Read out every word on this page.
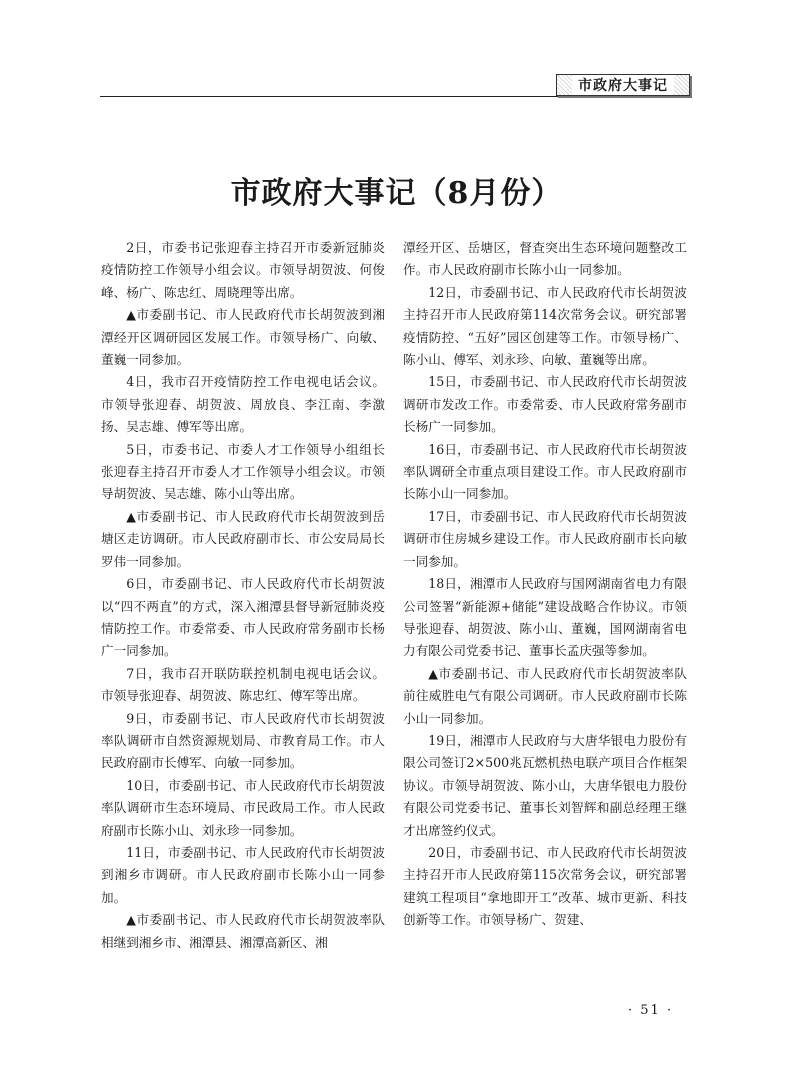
市政府大事记
市政府大事记（8月份）

2日，市委书记张迎春主持召开市委新冠肺炎疫情防控工作领导小组会议。市领导胡贺波、何俊峰、杨广、陈忠红、周晓理等出席。

▲市委副书记、市人民政府代市长胡贺波到湘潭经开区调研园区发展工作。市领导杨广、向敏、董巍一同参加。

4日，我市召开疫情防控工作电视电话会议。市领导张迎春、胡贺波、周放良、李江南、李激扬、吴志雄、傅军等出席。

5日，市委书记、市委人才工作领导小组组长张迎春主持召开市委人才工作领导小组会议。市领导胡贺波、吴志雄、陈小山等出席。

▲市委副书记、市人民政府代市长胡贺波到岳塘区走访调研。市人民政府副市长、市公安局局长罗伟一同参加。

6日，市委副书记、市人民政府代市长胡贺波以“四不两直”的方式，深入湘潭县督导新冠肺炎疫情防控工作。市委常委、市人民政府常务副市长杨广一同参加。

7日，我市召开联防联控机制电视电话会议。市领导张迎春、胡贺波、陈忠红、傅军等出席。

9日，市委副书记、市人民政府代市长胡贺波率队调研市自然资源规划局、市教育局工作。市人民政府副市长傅军、向敏一同参加。

10日，市委副书记、市人民政府代市长胡贺波率队调研市生态环境局、市民政局工作。市人民政府副市长陈小山、刘永珍一同参加。

11日，市委副书记、市人民政府代市长胡贺波到湘乡市调研。市人民政府副市长陈小山一同参加。

▲市委副书记、市人民政府代市长胡贺波率队相继到湘乡市、湘潭县、湘潭高新区、湘

潭经开区、岳塘区，督查突出生态环境问题整改工作。市人民政府副市长陈小山一同参加。

12日，市委副书记、市人民政府代市长胡贺波主持召开市人民政府第114次常务会议。研究部署疫情防控、“五好”园区创建等工作。市领导杨广、陈小山、傅军、刘永珍、向敏、董巍等出席。

15日，市委副书记、市人民政府代市长胡贺波调研市发改工作。市委常委、市人民政府常务副市长杨广一同参加。

16日，市委副书记、市人民政府代市长胡贺波率队调研全市重点项目建设工作。市人民政府副市长陈小山一同参加。

17日，市委副书记、市人民政府代市长胡贺波调研市住房城乡建设工作。市人民政府副市长向敏一同参加。

18日，湘潭市人民政府与国网湖南省电力有限公司签署“新能源+储能”建设战略合作协议。市领导张迎春、胡贺波、陈小山、董巍，国网湖南省电力有限公司党委书记、董事长孟庆强等参加。

▲市委副书记、市人民政府代市长胡贺波率队前往威胜电气有限公司调研。市人民政府副市长陈小山一同参加。

19日，湘潭市人民政府与大唐华银电力股份有限公司签订2×500兆瓦燃机热电联产项目合作框架协议。市领导胡贺波、陈小山，大唐华银电力股份有限公司党委书记、董事长刘智辉和副总经理王继才出席签约仪式。

20日，市委副书记、市人民政府代市长胡贺波主持召开市人民政府第115次常务会议，研究部署建筑工程项目“拿地即开工”改革、城市更新、科技创新等工作。市领导杨广、贺建、

· 51 ·
